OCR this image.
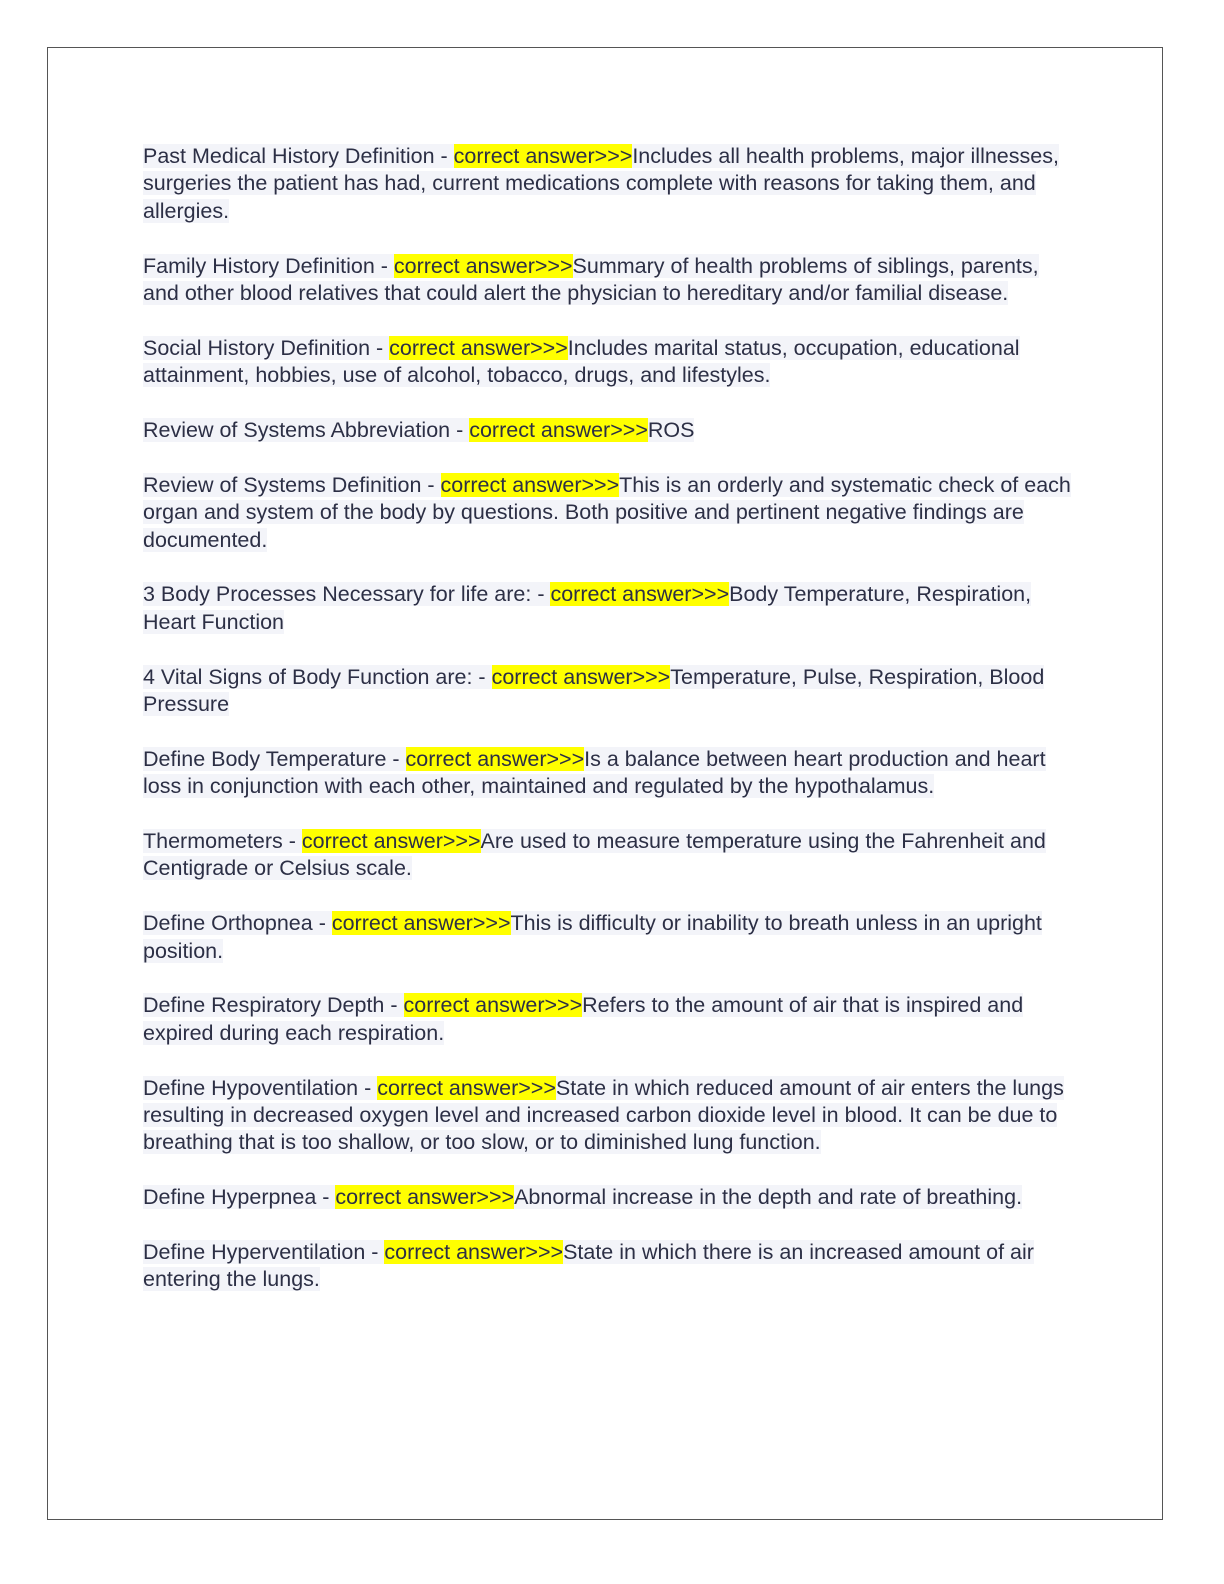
Past Medical History Definition - correct answer>>>Includes all health problems, major illnesses, surgeries the patient has had, current medications complete with reasons for taking them, and allergies.

Family History Definition - correct answer>>>Summary of health problems of siblings, parents, and other blood relatives that could alert the physician to hereditary and/or familial disease.

Social History Definition - correct answer>>>Includes marital status, occupation, educational attainment, hobbies, use of alcohol, tobacco, drugs, and lifestyles.

Review of Systems Abbreviation - correct answer>>>ROS

Review of Systems Definition - correct answer>>>This is an orderly and systematic check of each organ and system of the body by questions. Both positive and pertinent negative findings are documented.

3 Body Processes Necessary for life are: - correct answer>>>Body Temperature, Respiration, Heart Function

4 Vital Signs of Body Function are: - correct answer>>>Temperature, Pulse, Respiration, Blood Pressure

Define Body Temperature - correct answer>>>Is a balance between heart production and heart loss in conjunction with each other, maintained and regulated by the hypothalamus.

Thermometers - correct answer>>>Are used to measure temperature using the Fahrenheit and Centigrade or Celsius scale.

Define Orthopnea - correct answer>>>This is difficulty or inability to breath unless in an upright position.

Define Respiratory Depth - correct answer>>>Refers to the amount of air that is inspired and expired during each respiration.

Define Hypoventilation - correct answer>>>State in which reduced amount of air enters the lungs resulting in decreased oxygen level and increased carbon dioxide level in blood. It can be due to breathing that is too shallow, or too slow, or to diminished lung function.

Define Hyperpnea - correct answer>>>Abnormal increase in the depth and rate of breathing.

Define Hyperventilation - correct answer>>>State in which there is an increased amount of air entering the lungs.
